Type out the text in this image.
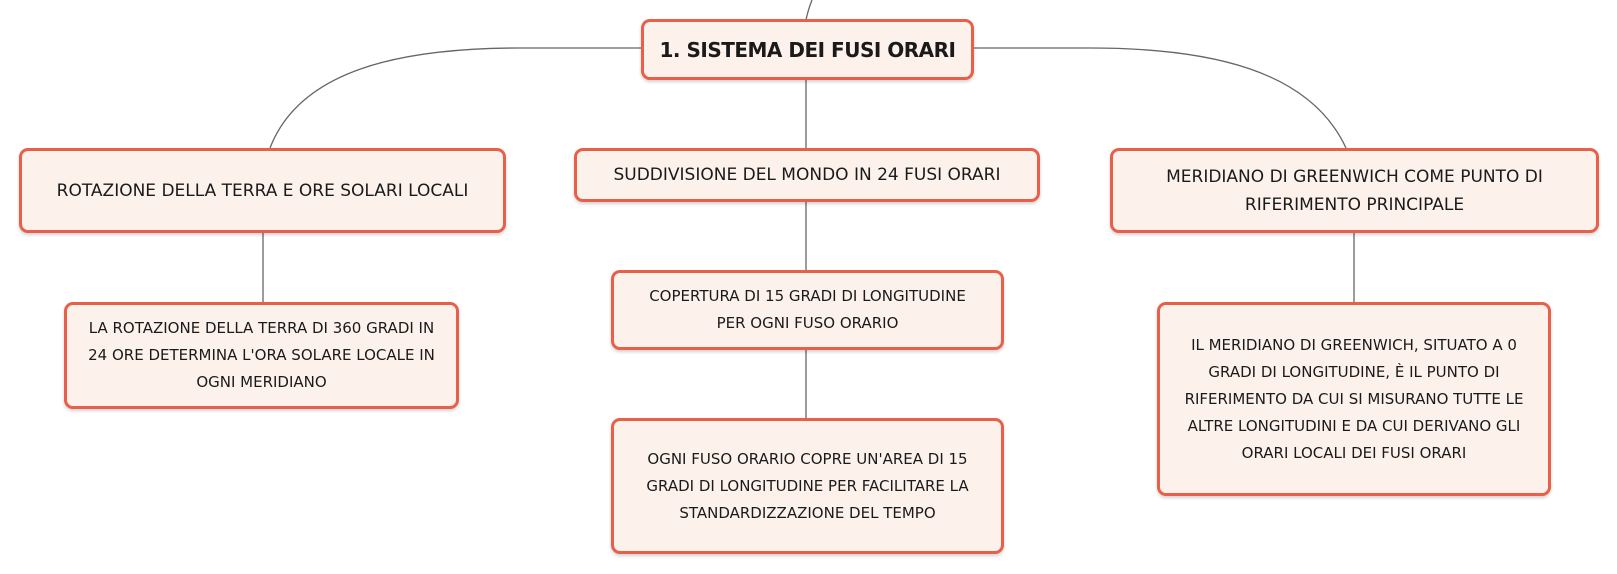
1. SISTEMA DEI FUSI ORARI
ROTAZIONE DELLA TERRA E ORE SOLARI LOCALI
SUDDIVISIONE DEL MONDO IN 24 FUSI ORARI	MERIDIANO DI GREENWICH COME PUNTO DI RIFERIMENTO PRINCIPALE
LA ROTAZIONE DELLA TERRA DI 360 GRADI IN 24 ORE DETERMINA L'ORA SOLARE LOCALE IN OGNI MERIDIANO
COPERTURA DI 15 GRADI DI LONGITUDINE PER OGNI FUSO ORARIO
OGNI FUSO ORARIO COPRE UN'AREA DI 15 GRADI DI LONGITUDINE PER FACILITARE LA STANDARDIZZAZIONE DEL TEMPO
IL MERIDIANO DI GREENWICH, SITUATO A 0 GRADI DI LONGITUDINE, È IL PUNTO DI RIFERIMENTO DA CUI SI MISURANO TUTTE LE ALTRE LONGITUDINI E DA CUI DERIVANO GLI ORARI LOCALI DEI FUSI ORARI
